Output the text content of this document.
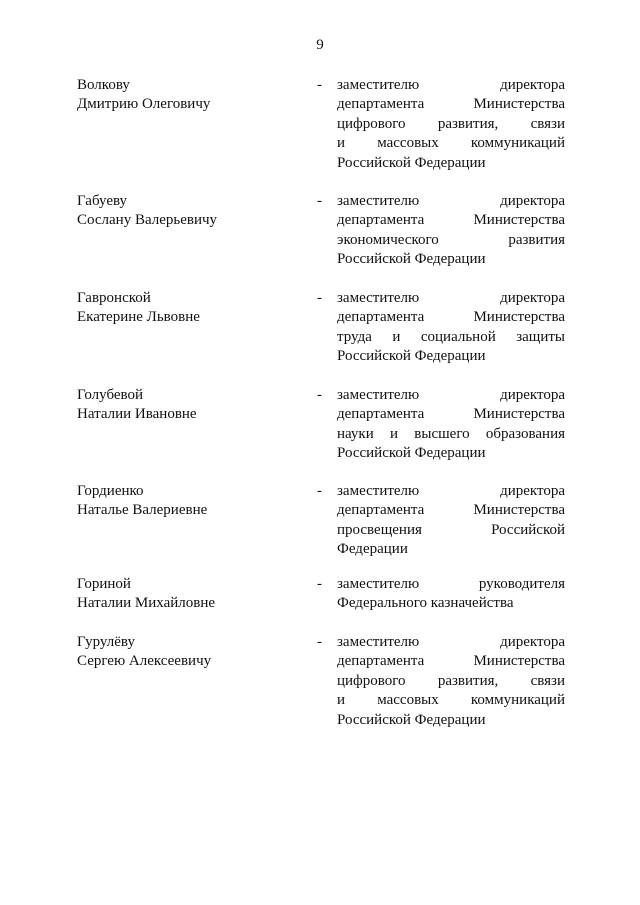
9
Волкову
Дмитрию Олеговичу
- заместителю директора
департамента Министерства
цифрового развития, связи
и массовых коммуникаций
Российской Федерации
Габуеву
Сослану Валерьевичу
- заместителю директора
департамента Министерства
экономического развития
Российской Федерации
Гавронской
Екатерине Львовне
- заместителю директора
департамента Министерства
труда и социальной защиты
Российской Федерации
Голубевой
Наталии Ивановне
- заместителю директора
департамента Министерства
науки и высшего образования
Российской Федерации
Гордиенко
Наталье Валериевне
- заместителю директора
департамента Министерства
просвещения Российской
Федерации
Гориной
Наталии Михайловне
- заместителю руководителя
Федерального казначейства
Гурулёву
Сергею Алексеевичу
- заместителю директора
департамента Министерства
цифрового развития, связи
и массовых коммуникаций
Российской Федерации
